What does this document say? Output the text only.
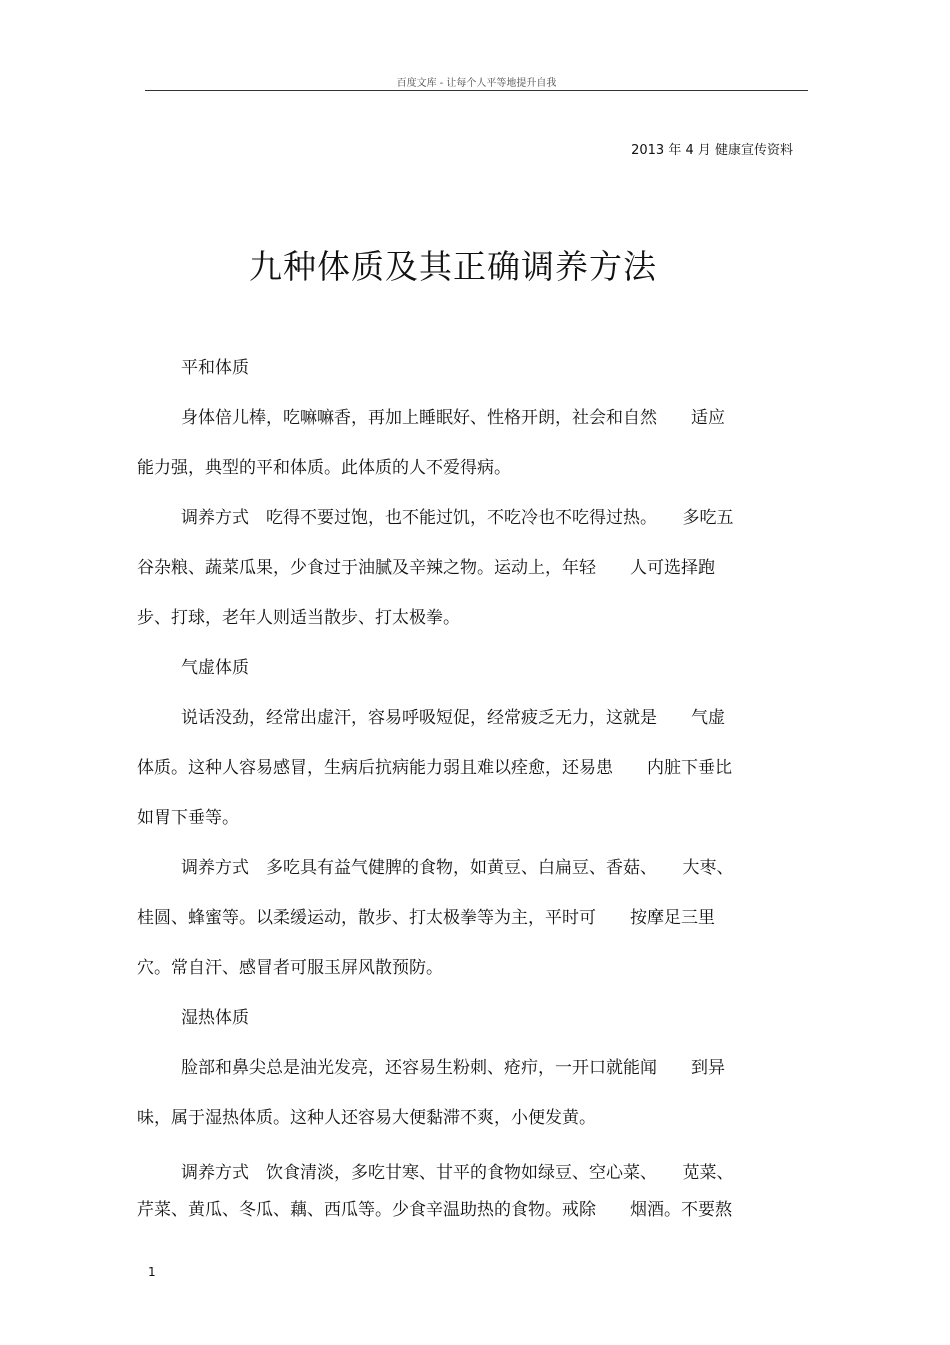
百度文库 - 让每个人平等地提升自我
2013 年 4 月 健康宣传资料
九种体质及其正确调养方法
平和体质
身体倍儿棒，吃嘛嘛香，再加上睡眠好、性格开朗，社会和自然　　适应
能力强，典型的平和体质。此体质的人不爱得病。
调养方式　吃得不要过饱，也不能过饥，不吃冷也不吃得过热。　　多吃五
谷杂粮、蔬菜瓜果，少食过于油腻及辛辣之物。运动上，年轻　　人可选择跑
步、打球，老年人则适当散步、打太极拳。
气虚体质
说话没劲，经常出虚汗，容易呼吸短促，经常疲乏无力，这就是　　气虚
体质。这种人容易感冒，生病后抗病能力弱且难以痊愈，还易患　　内脏下垂比
如胃下垂等。
调养方式　多吃具有益气健脾的食物，如黄豆、白扁豆、香菇、　　大枣、
桂圆、蜂蜜等。以柔缓运动，散步、打太极拳等为主，平时可　　按摩足三里
穴。常自汗、感冒者可服玉屏风散预防。
湿热体质
脸部和鼻尖总是油光发亮，还容易生粉刺、疮疖，一开口就能闻　　到异
味，属于湿热体质。这种人还容易大便黏滞不爽，小便发黄。
调养方式　饮食清淡，多吃甘寒、甘平的食物如绿豆、空心菜、　　苋菜、
芹菜、黄瓜、冬瓜、藕、西瓜等。少食辛温助热的食物。戒除　　烟酒。不要熬
1
